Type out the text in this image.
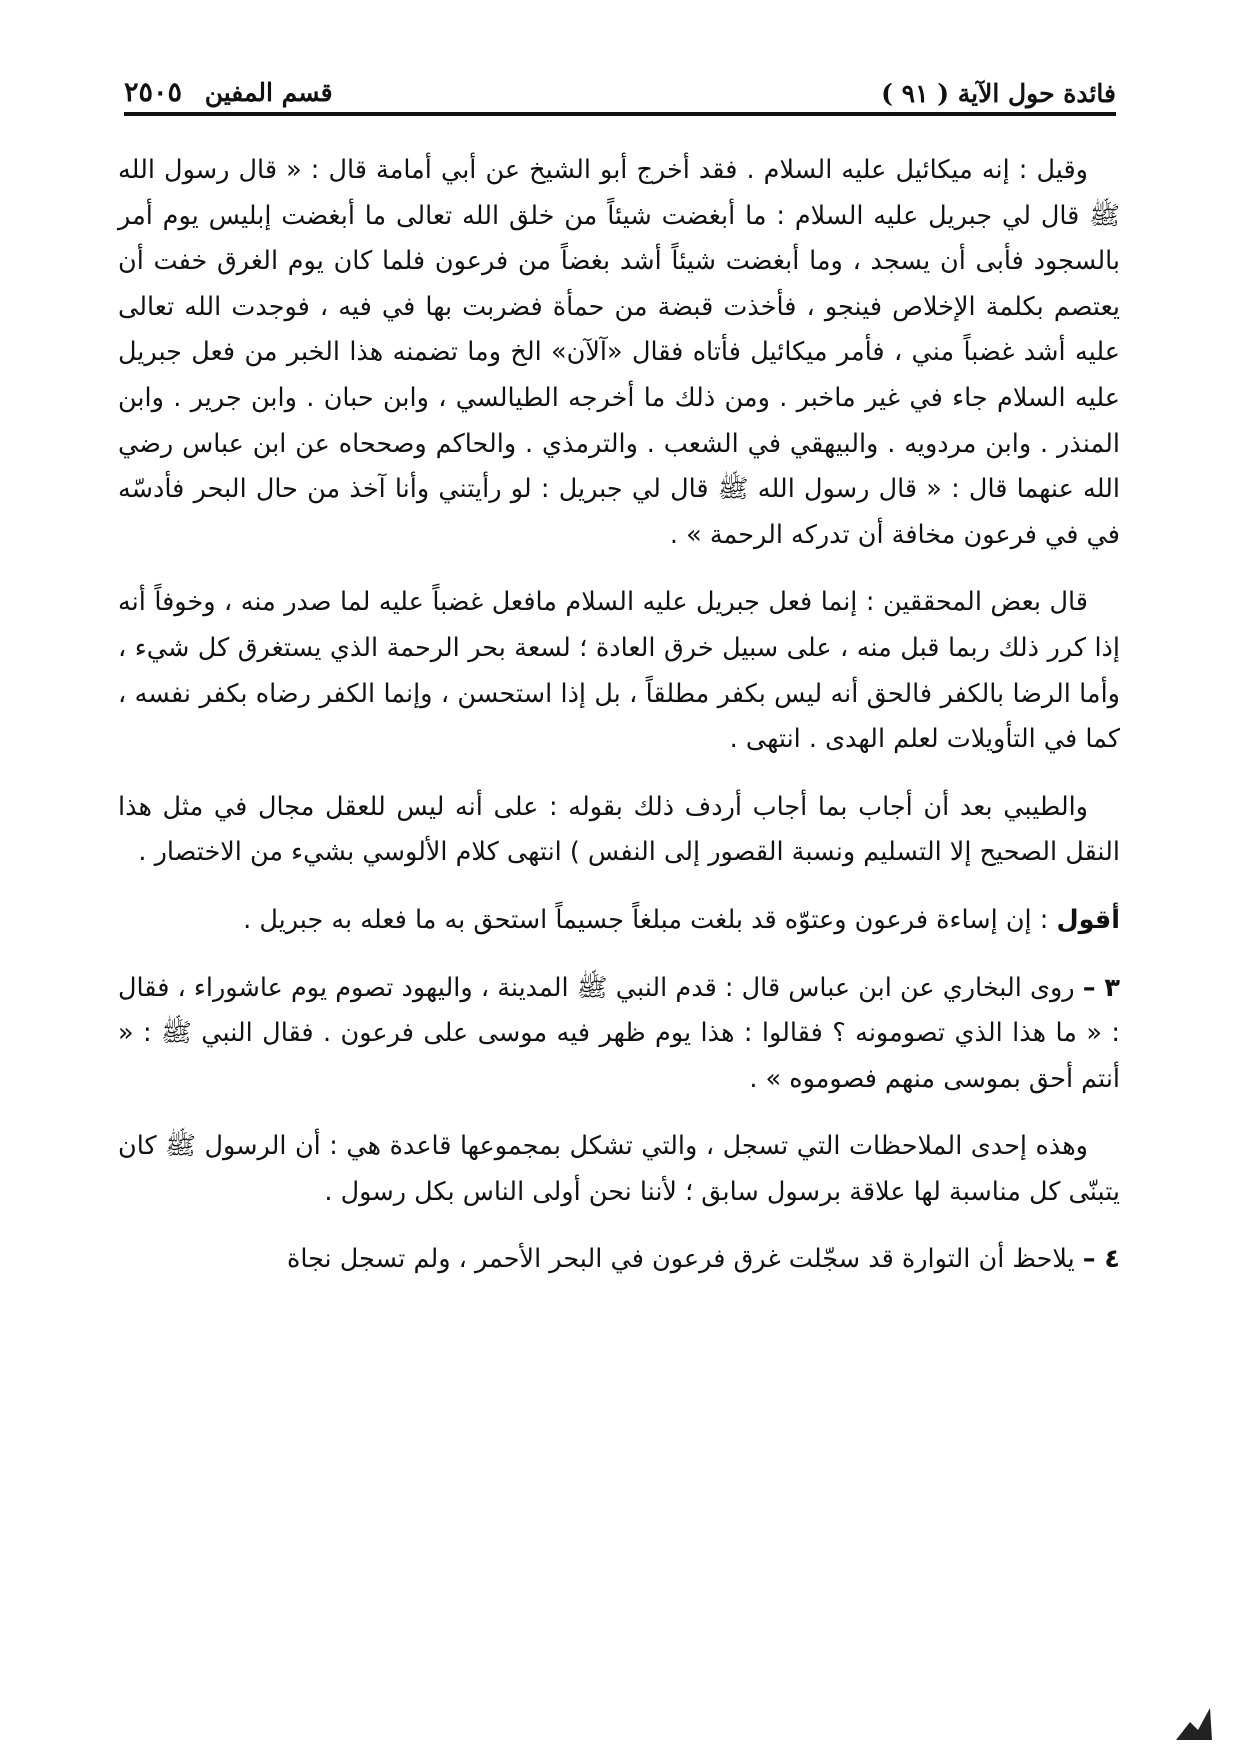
فائدة حول الآية ( ٩١ )
قسم المفين ٢٥٠٥

وقيل : إنه ميكائيل عليه السلام . فقد أخرج أبو الشيخ عن أبي أمامة قال : « قال رسول الله ﷺ قال لي جبريل عليه السلام : ما أبغضت شيئاً من خلق الله تعالى ما أبغضت إبليس يوم أمر بالسجود فأبى أن يسجد ، وما أبغضت شيئاً أشد بغضاً من فرعون فلما كان يوم الغرق خفت أن يعتصم بكلمة الإخلاص فينجو ، فأخذت قبضة من حمأة فضربت بها في فيه ، فوجدت الله تعالى عليه أشد غضباً مني ، فأمر ميكائيل فأتاه فقال «آلآن» الخ وما تضمنه هذا الخبر من فعل جبريل عليه السلام جاء في غير ماخبر . ومن ذلك ما أخرجه الطيالسي ، وابن حبان . وابن جرير . وابن المنذر . وابن مردويه . والبيهقي في الشعب . والترمذي . والحاكم وصححاه عن ابن عباس رضي الله عنهما قال : « قال رسول الله ﷺ قال لي جبريل : لو رأيتني وأنا آخذ من حال البحر فأدسّه في في فرعون مخافة أن تدركه الرحمة » .

قال بعض المحققين : إنما فعل جبريل عليه السلام مافعل غضباً عليه لما صدر منه ، وخوفاً أنه إذا كرر ذلك ربما قبل منه ، على سبيل خرق العادة ؛ لسعة بحر الرحمة الذي يستغرق كل شيء ، وأما الرضا بالكفر فالحق أنه ليس بكفر مطلقاً ، بل إذا استحسن ، وإنما الكفر رضاه بكفر نفسه ، كما في التأويلات لعلم الهدى . انتهى .

والطيبي بعد أن أجاب بما أجاب أردف ذلك بقوله : على أنه ليس للعقل مجال في مثل هذا النقل الصحيح إلا التسليم ونسبة القصور إلى النفس ) انتهى كلام الألوسي بشيء من الاختصار .

أقول : إن إساءة فرعون وعتوّه قد بلغت مبلغاً جسيماً استحق به ما فعله به جبريل .

٣ – روى البخاري عن ابن عباس قال : قدم النبي ﷺ المدينة ، واليهود تصوم يوم عاشوراء ، فقال : « ما هذا الذي تصومونه ؟ فقالوا : هذا يوم ظهر فيه موسى على فرعون . فقال النبي ﷺ : « أنتم أحق بموسى منهم فصوموه » .

وهذه إحدى الملاحظات التي تسجل ، والتي تشكل بمجموعها قاعدة هي : أن الرسول ﷺ كان يتبنّى كل مناسبة لها علاقة برسول سابق ؛ لأننا نحن أولى الناس بكل رسول .

٤ – يلاحظ أن التوارة قد سجّلت غرق فرعون في البحر الأحمر ، ولم تسجل نجاة
